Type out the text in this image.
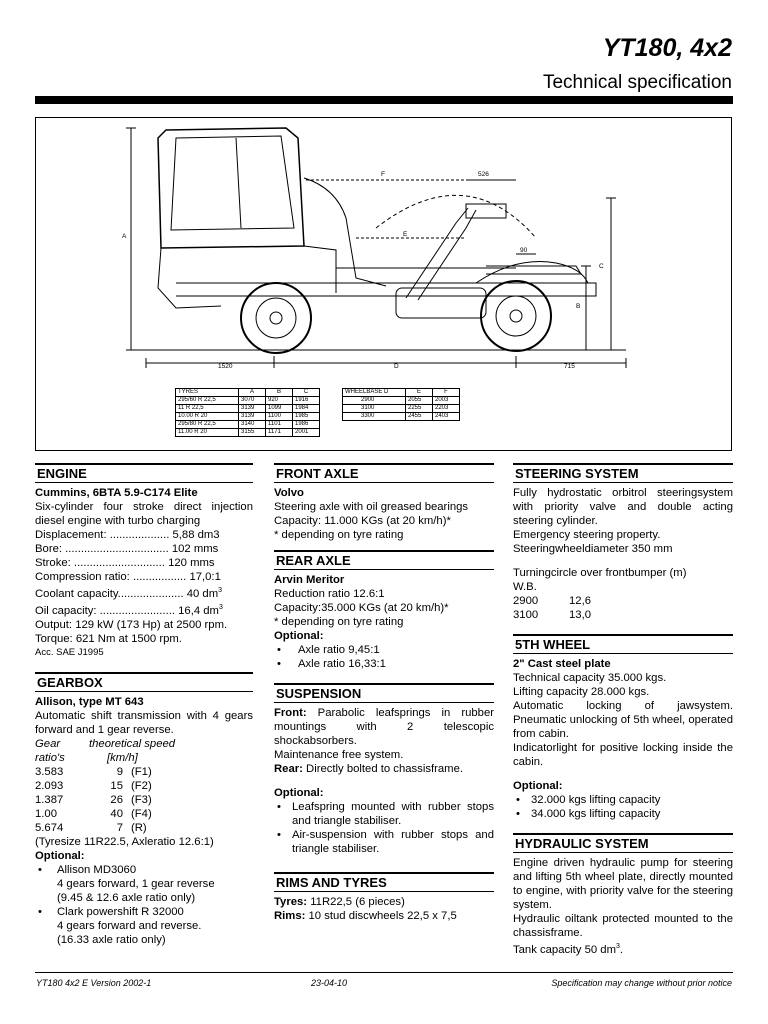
YT180, 4x2
Technical specification
A
C
B
D
E
F	526
90
1520	715
TYRES	A	B	C
295/60 R 22,5	3070	920	1916
11 R 22,5	3139	1099	1984
10.00 R 20	3139	1100	1985
295/80 R 22,5	3140	1101	1986
11.00 R 20	3155	1171	2001
WHEELBASE D	E	F
2900	2055	2003
3100	2255	2203
3300	2455	2403
ENGINE
Cummins, 6BTA 5.9-C174 Elite
Six-cylinder four stroke direct injection diesel engine with turbo charging
Displacement: ................... 5,88 dm3
Bore: ................................. 102 mms
Stroke: ............................. 120 mms
Compression ratio: ................. 17,0:1
Coolant capacity..................... 40 $dm^3$
Oil capacity: ........................ 16,4 $dm^3$
Output: 129 kW (173 Hp) at 2500 rpm.
Torque: 621 Nm at 1500 rpm.
Acc. SAE J1995
GEARBOX
Allison, type MT 643
Automatic shift transmission with 4 gears forward and 1 gear reverse.
Gear	theoretical speed
ratio's	[km/h]
3.583	9 (F1)
2.093	15 (F2)
1.387	26 (F3)
1.00	40 (F4)
5.674	7 (R)
(Tyresize 11R22.5, Axleratio 12.6:1)
Optional:
• Allison MD3060
4 gears forward, 1 gear reverse
(9.45 & 12.6 axle ratio only)
• Clark powershift R 32000
4 gears forward and reverse.
(16.33 axle ratio only)
FRONT AXLE
Volvo
Steering axle with oil greased bearings
Capacity: 11.000 KGs (at 20 km/h)*
* depending on tyre rating
REAR AXLE
Arvin Meritor
Reduction ratio 12.6:1
Capacity:35.000 KGs (at 20 km/h)*
* depending on tyre rating
Optional:
• Axle ratio 9,45:1
• Axle ratio 16,33:1
SUSPENSION
Front: Parabolic leafsprings in rubber mountings with 2 telescopic shockabsorbers.
Maintenance free system.
Rear: Directly bolted to chassisframe.
Optional:
• Leafspring mounted with rubber stops and triangle stabiliser.
• Air-suspension with rubber stops and triangle stabiliser.
RIMS AND TYRES
Tyres: 11R22,5 (6 pieces)
Rims: 10 stud discwheels 22,5 x 7,5
STEERING SYSTEM
Fully hydrostatic orbitrol steeringsystem with priority valve and double acting steering cylinder.
Emergency steering property.
Steeringwheeldiameter 350 mm
Turningcircle over frontbumper (m)
W.B.
2900	12,6
3100	13,0
5TH WHEEL
2" Cast steel plate
Technical capacity 35.000 kgs.
Lifting capacity 28.000 kgs.
Automatic locking of jawsystem.
Pneumatic unlocking of 5th wheel, operated from cabin.
Indicatorlight for positive locking inside the cabin.
Optional:
• 32.000 kgs lifting capacity
• 34.000 kgs lifting capacity
HYDRAULIC SYSTEM
Engine driven hydraulic pump for steering and lifting 5th wheel plate, directly mounted to engine, with priority valve for the steering system.
Hydraulic oiltank protected mounted to the chassisframe.
Tank capacity 50 $dm^3$.
YT180 4x2 E Version 2002-1	23-04-10	Specification may change without prior notice
